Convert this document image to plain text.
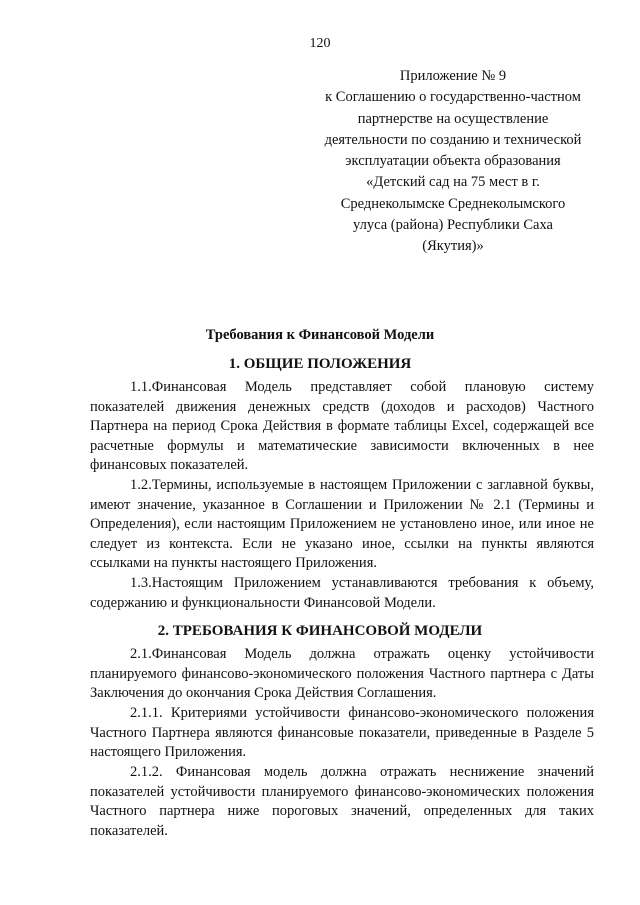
120
Приложение № 9
к Соглашению о государственно-частном
партнерстве на осуществление
деятельности по созданию и технической
эксплуатации объекта образования
«Детский сад на 75 мест в г.
Среднеколымске Среднеколымского
улуса (района) Республики Саха
(Якутия)»
Требования к Финансовой Модели
1. ОБЩИЕ ПОЛОЖЕНИЯ

1.1.Финансовая Модель представляет собой плановую систему показателей движения денежных средств (доходов и расходов) Частного Партнера на период Срока Действия в формате таблицы Excel, содержащей все расчетные формулы и математические зависимости включенных в нее финансовых показателей.

1.2.Термины, используемые в настоящем Приложении с заглавной буквы, имеют значение, указанное в Соглашении и Приложении № 2.1 (Термины и Определения), если настоящим Приложением не установлено иное, или иное не следует из контекста. Если не указано иное, ссылки на пункты являются ссылками на пункты настоящего Приложения.

1.3.Настоящим Приложением устанавливаются требования к объему, содержанию и функциональности Финансовой Модели.

2. ТРЕБОВАНИЯ К ФИНАНСОВОЙ МОДЕЛИ

2.1.Финансовая Модель должна отражать оценку устойчивости планируемого финансово-экономического положения Частного партнера с Даты Заключения до окончания Срока Действия Соглашения.

2.1.1. Критериями устойчивости финансово-экономического положения Частного Партнера являются финансовые показатели, приведенные в Разделе 5 настоящего Приложения.

2.1.2. Финансовая модель должна отражать неснижение значений показателей устойчивости планируемого финансово-экономических положения Частного партнера ниже пороговых значений, определенных для таких показателей.
